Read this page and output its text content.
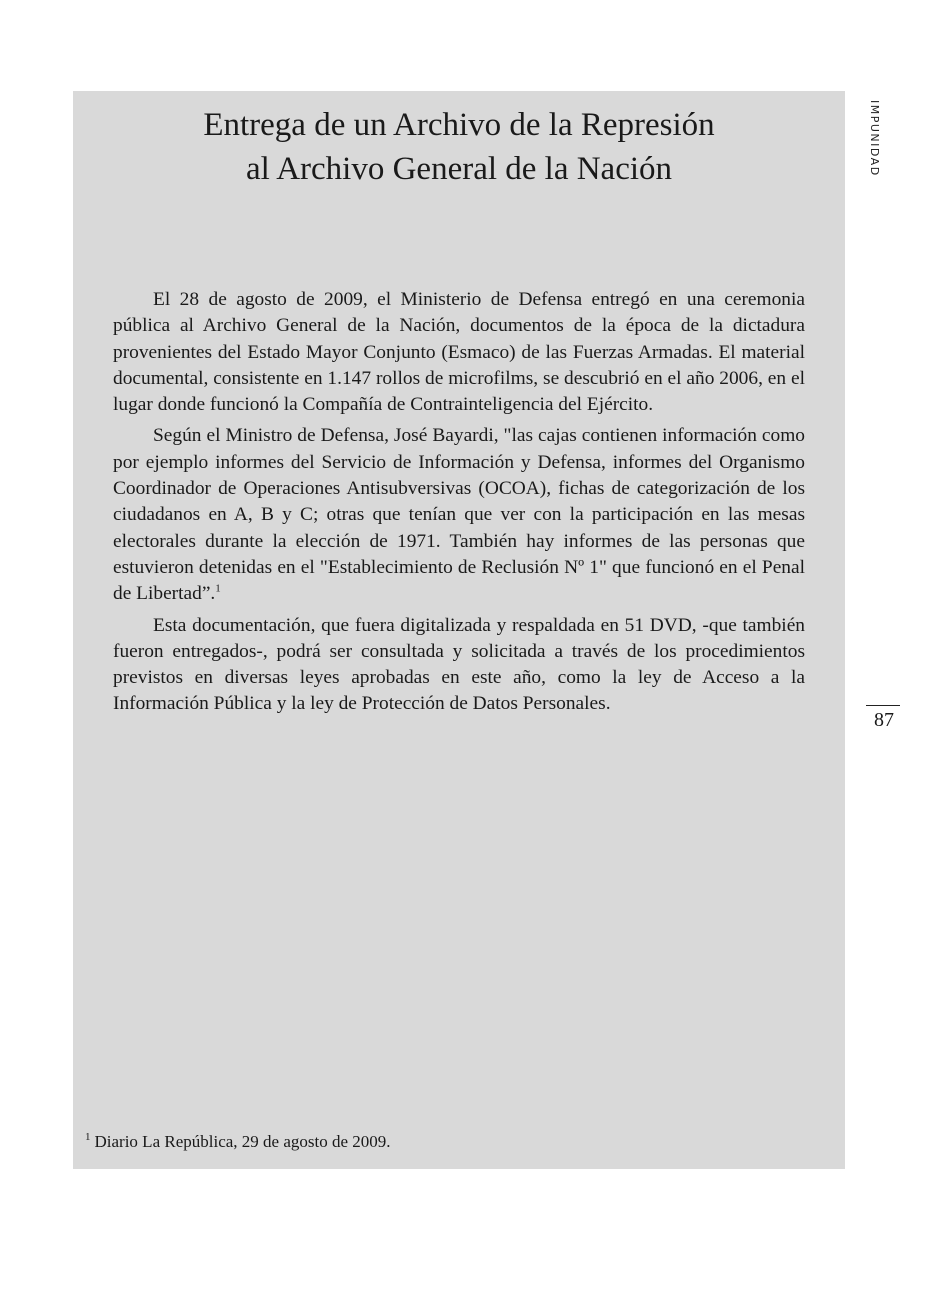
Entrega de un Archivo de la Represión
al Archivo General de la Nación

El 28 de agosto de 2009, el Ministerio de Defensa entregó en una ceremonia pública al Archivo General de la Nación, documentos de la época de la dictadura provenientes del Estado Mayor Conjunto (Esmaco) de las Fuerzas Armadas. El material documental, consistente en 1.147 rollos de microfilms, se descubrió en el año 2006, en el lugar donde funcionó la Compañía de Contrainteligencia del Ejército.

Según el Ministro de Defensa, José Bayardi, "las cajas contienen información como por ejemplo informes del Servicio de Información y Defensa, informes del Organismo Coordinador de Operaciones Antisubversivas (OCOA), fichas de categorización de los ciudadanos en A, B y C; otras que tenían que ver con la participación en las mesas electorales durante la elección de 1971. También hay informes de las personas que estuvieron detenidas en el "Establecimiento de Reclusión Nº 1" que funcionó en el Penal de Libertad”.$^1$

Esta documentación, que fuera digitalizada y respaldada en 51 DVD, -que también fueron entregados-, podrá ser consultada y solicitada a través de los procedimientos previstos en diversas leyes aprobadas en este año, como la ley de Acceso a la Información Pública y la ley de Protección de Datos Personales.

$^1$ Diario La República, 29 de agosto de 2009.
IMPUNIDAD
87
